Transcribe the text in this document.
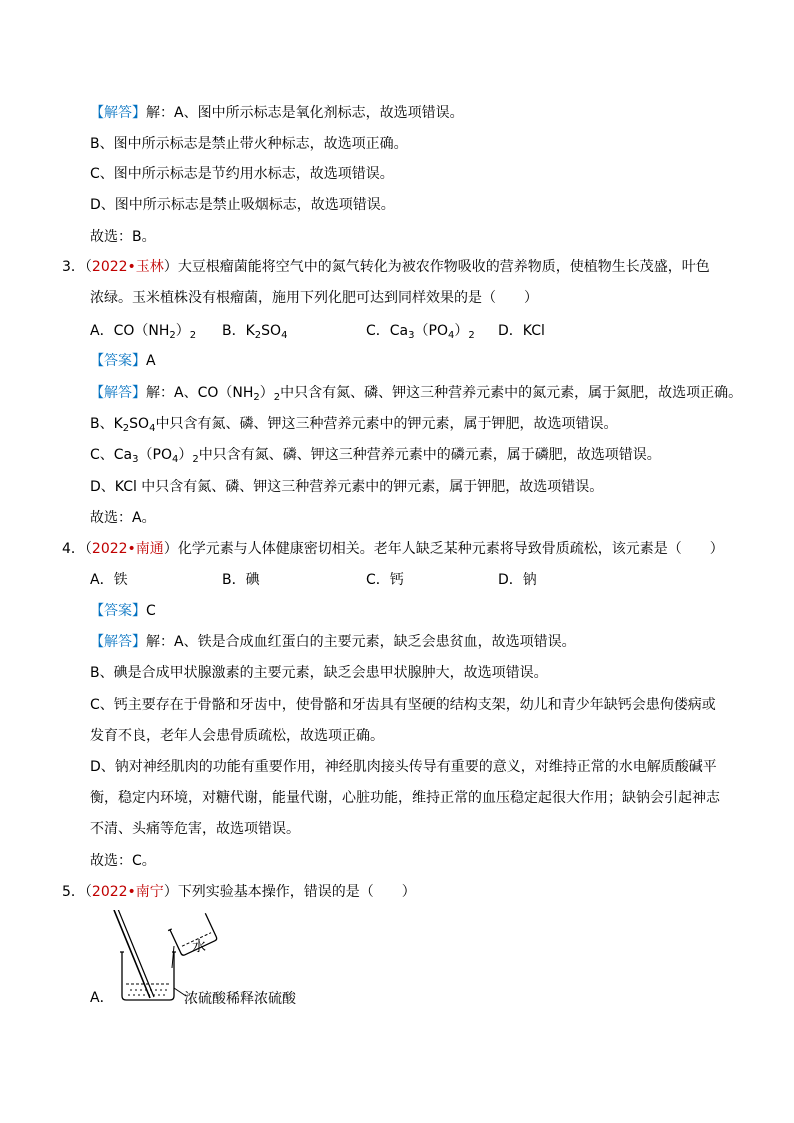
【解答】解：A、图中所示标志是氧化剂标志，故选项错误。
B、图中所示标志是禁止带火种标志，故选项正确。
C、图中所示标志是节约用水标志，故选项错误。
D、图中所示标志是禁止吸烟标志，故选项错误。
故选：B。
3．（2022•玉林）大豆根瘤菌能将空气中的氮气转化为被农作物吸收的营养物质，使植物生长茂盛，叶色
浓绿。玉米植株没有根瘤菌，施用下列化肥可达到同样效果的是（　　）
A．$CO(NH_2)_2$ B．$K_2SO_4$	C．$Ca_3(PO_4)_2$ D．KCl
【答案】A
【解答】解：A、$CO(NH_2)_2$中只含有氮、磷、钾这三种营养元素中的氮元素，属于氮肥，故选项正确。
B、$K_2SO_4$中只含有氮、磷、钾这三种营养元素中的钾元素，属于钾肥，故选项错误。
C、$Ca_3(PO_4)_2$中只含有氮、磷、钾这三种营养元素中的磷元素，属于磷肥，故选项错误。
D、KCl 中只含有氮、磷、钾这三种营养元素中的钾元素，属于钾肥，故选项错误。
故选：A。
4．（2022•南通）化学元素与人体健康密切相关。老年人缺乏某种元素将导致骨质疏松，该元素是（　　）
A．铁	B．碘	C．钙	D．钠
【答案】C
【解答】解：A、铁是合成血红蛋白的主要元素，缺乏会患贫血，故选项错误。
B、碘是合成甲状腺激素的主要元素，缺乏会患甲状腺肿大，故选项错误。
C、钙主要存在于骨骼和牙齿中，使骨骼和牙齿具有坚硬的结构支架，幼儿和青少年缺钙会患佝偻病或
发育不良，老年人会患骨质疏松，故选项正确。
D、钠对神经肌肉的功能有重要作用，神经肌肉接头传导有重要的意义，对维持正常的水电解质酸碱平
衡，稳定内环境，对糖代谢，能量代谢，心脏功能，维持正常的血压稳定起很大作用；缺钠会引起神志
不清、头痛等危害，故选项错误。
故选：C。
5．（2022•南宁）下列实验基本操作，错误的是（　　）
A．
水
浓硫酸稀释浓硫酸
